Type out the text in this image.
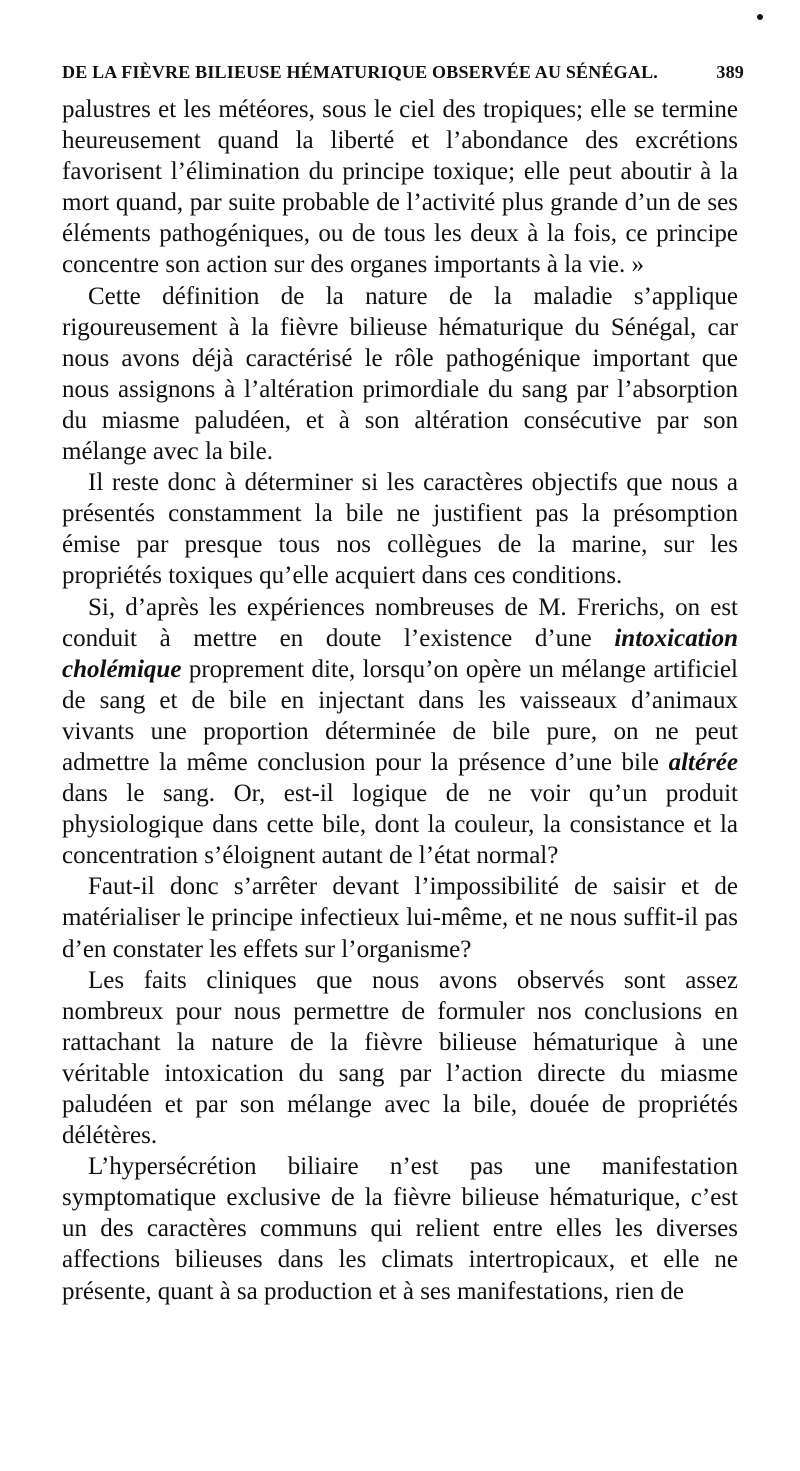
DE LA FIÈVRE BILIEUSE HÉMATURIQUE OBSERVÉE AU SÉNÉGAL.	389

palustres et les météores, sous le ciel des tropiques; elle se termine heureusement quand la liberté et l’abondance des excrétions favorisent l’élimination du principe toxique; elle peut aboutir à la mort quand, par suite probable de l’activité plus grande d’un de ses éléments pathogéniques, ou de tous les deux à la fois, ce principe concentre son action sur des organes importants à la vie. »

Cette définition de la nature de la maladie s’applique rigoureusement à la fièvre bilieuse hématurique du Sénégal, car nous avons déjà caractérisé le rôle pathogénique important que nous assignons à l’altération primordiale du sang par l’absorption du miasme paludéen, et à son altération consécutive par son mélange avec la bile.

Il reste donc à déterminer si les caractères objectifs que nous a présentés constamment la bile ne justifient pas la présomption émise par presque tous nos collègues de la marine, sur les propriétés toxiques qu’elle acquiert dans ces conditions.

Si, d’après les expériences nombreuses de M. Frerichs, on est conduit à mettre en doute l’existence d’une intoxication cholémique proprement dite, lorsqu’on opère un mélange artificiel de sang et de bile en injectant dans les vaisseaux d’animaux vivants une proportion déterminée de bile pure, on ne peut admettre la même conclusion pour la présence d’une bile altérée dans le sang. Or, est-il logique de ne voir qu’un produit physiologique dans cette bile, dont la couleur, la consistance et la concentration s’éloignent autant de l’état normal?

Faut-il donc s’arrêter devant l’impossibilité de saisir et de matérialiser le principe infectieux lui-même, et ne nous suffit-il pas d’en constater les effets sur l’organisme?

Les faits cliniques que nous avons observés sont assez nombreux pour nous permettre de formuler nos conclusions en rattachant la nature de la fièvre bilieuse hématurique à une véritable intoxication du sang par l’action directe du miasme paludéen et par son mélange avec la bile, douée de propriétés délétères.

L’hypersécrétion biliaire n’est pas une manifestation symptomatique exclusive de la fièvre bilieuse hématurique, c’est un des caractères communs qui relient entre elles les diverses affections bilieuses dans les climats intertropicaux, et elle ne présente, quant à sa production et à ses manifestations, rien de
